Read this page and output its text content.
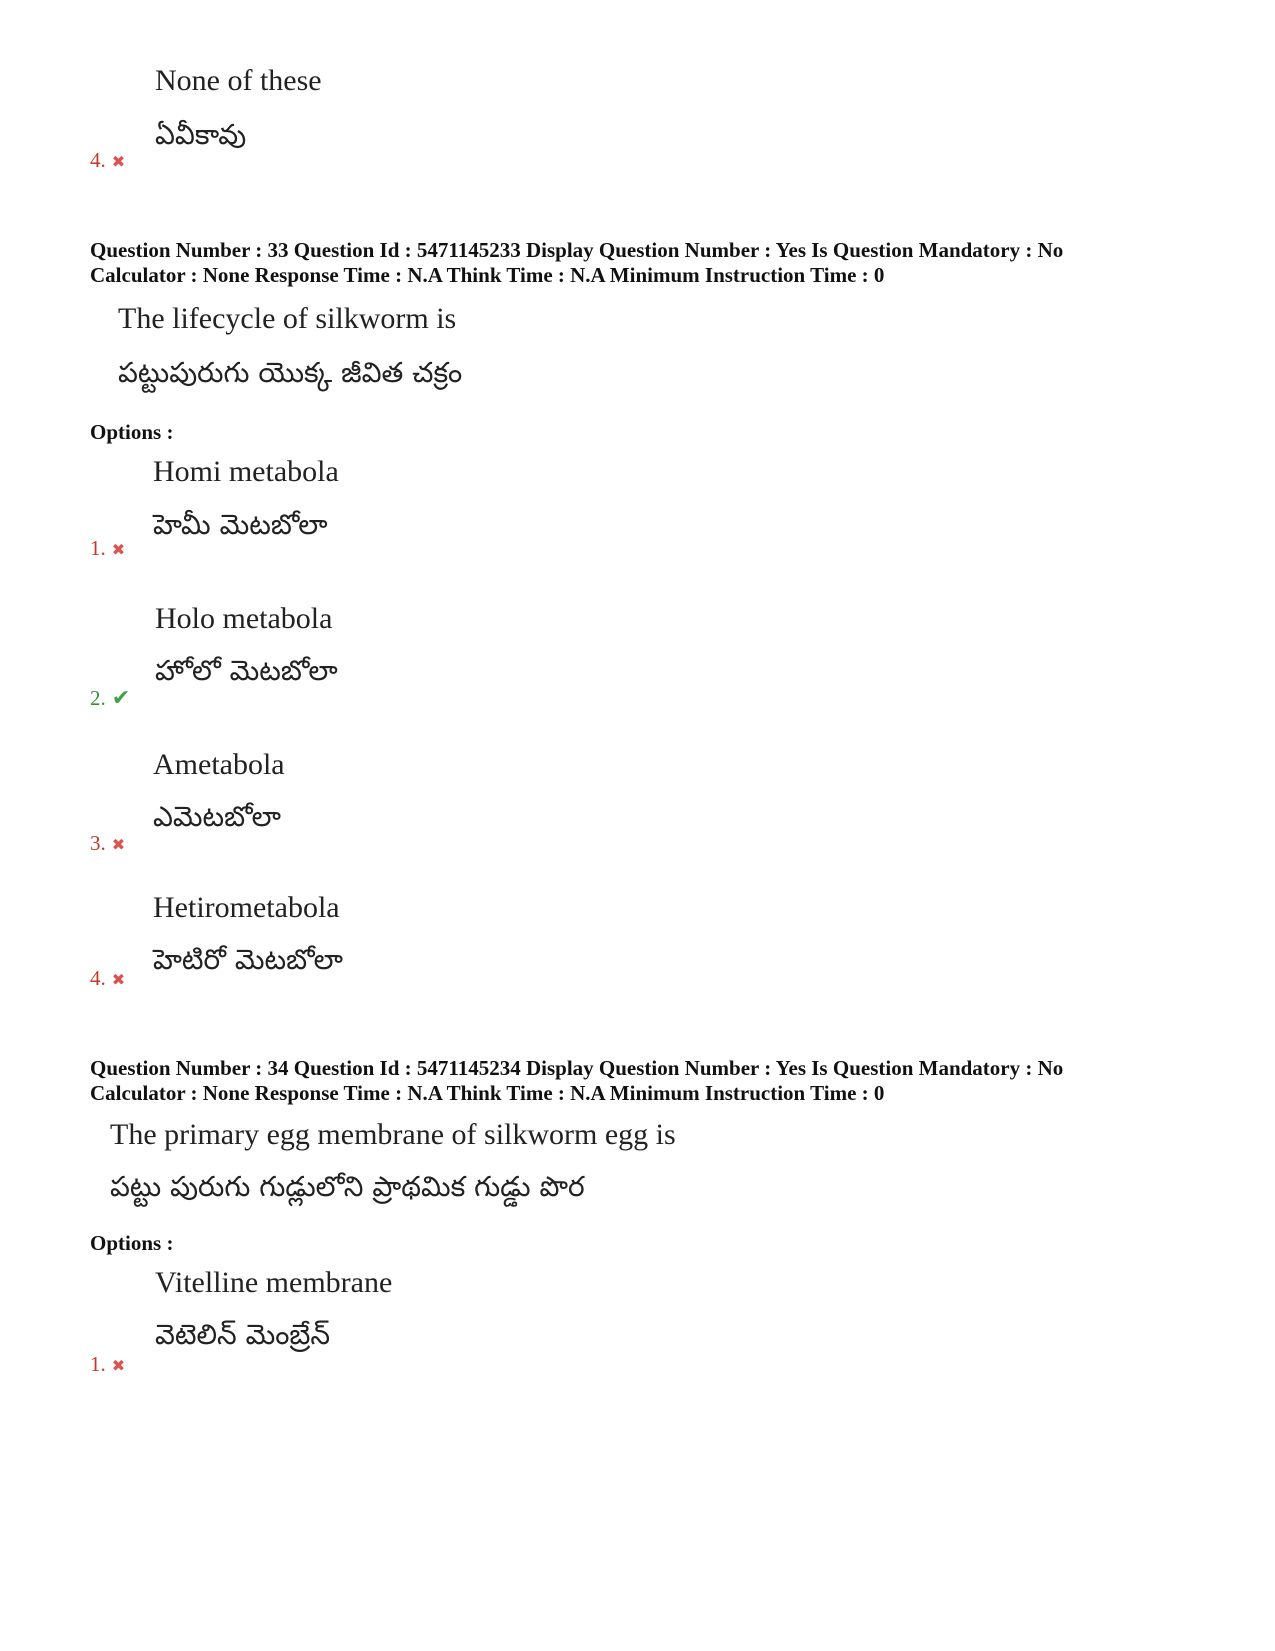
None of these
ఏవీకావు
4. ✖
Question Number : 33 Question Id : 5471145233 Display Question Number : Yes Is Question Mandatory : No
Calculator : None Response Time : N.A Think Time : N.A Minimum Instruction Time : 0
The lifecycle of silkworm is
పట్టుపురుగు యొక్క జీవిత చక్రం
Options :
Homi metabola
హెమీ మెటబోలా
1. ✖
Holo metabola
హోలో మెటబోలా
2. ✔
Ametabola
ఎమెటబోలా
3. ✖
Hetirometabola
హెటిరో మెటబోలా
4. ✖
Question Number : 34 Question Id : 5471145234 Display Question Number : Yes Is Question Mandatory : No
Calculator : None Response Time : N.A Think Time : N.A Minimum Instruction Time : 0
The primary egg membrane of silkworm egg is
పట్టు పురుగు గుడ్లులోని ప్రాథమిక గుడ్డు పొర
Options :
Vitelline membrane
వెటెలిన్ మెంబ్రేన్
1. ✖
